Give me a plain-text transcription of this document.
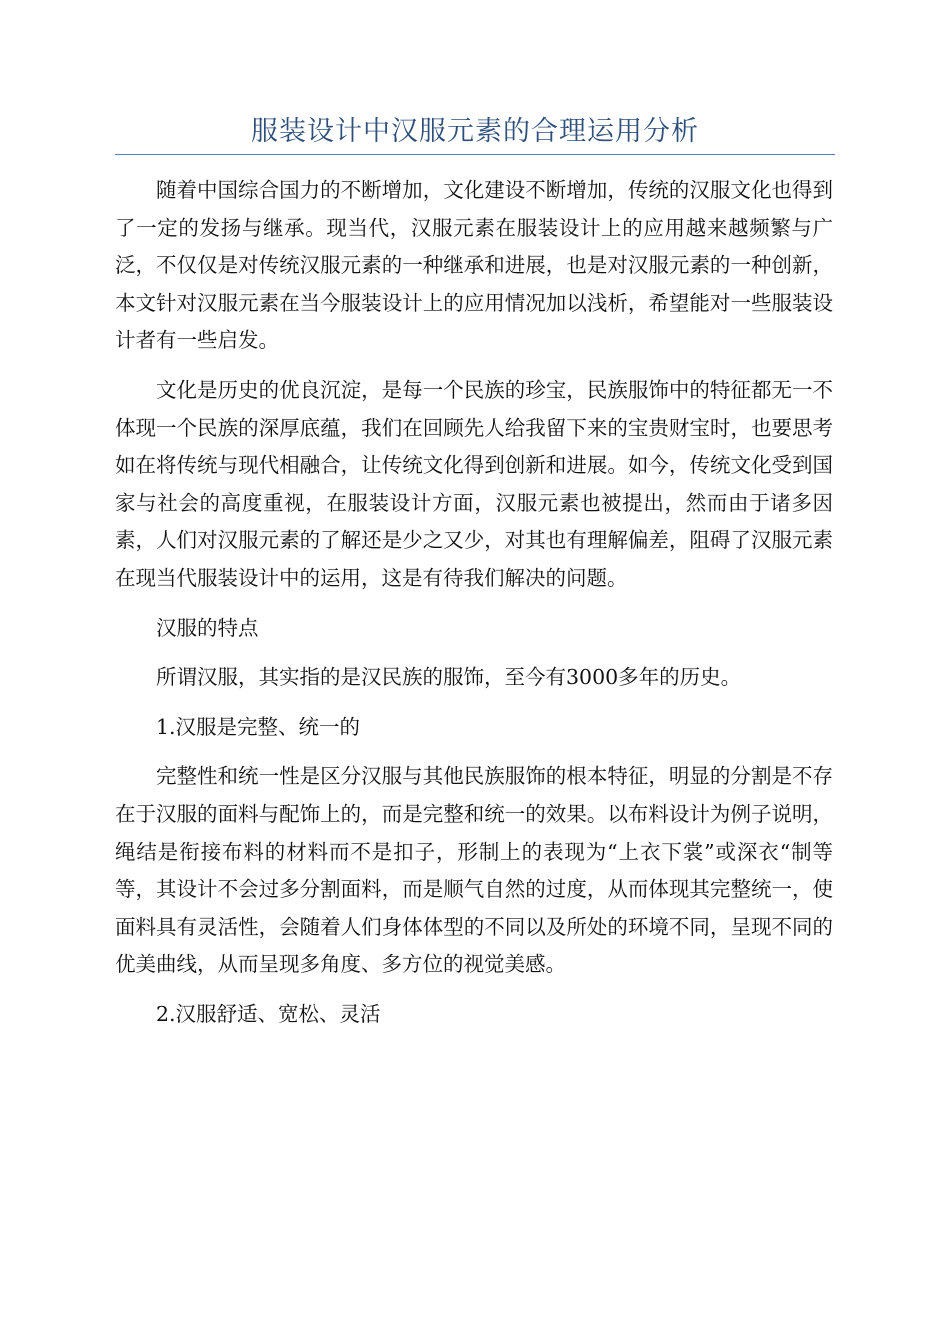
服装设计中汉服元素的合理运用分析

随着中国综合国力的不断增加，文化建设不断增加，传统的汉服文化也得到了一定的发扬与继承。现当代，汉服元素在服装设计上的应用越来越频繁与广泛，不仅仅是对传统汉服元素的一种继承和进展，也是对汉服元素的一种创新，本文针对汉服元素在当今服装设计上的应用情况加以浅析，希望能对一些服装设计者有一些启发。

文化是历史的优良沉淀，是每一个民族的珍宝，民族服饰中的特征都无一不体现一个民族的深厚底蕴，我们在回顾先人给我留下来的宝贵财宝时，也要思考如在将传统与现代相融合，让传统文化得到创新和进展。如今，传统文化受到国家与社会的高度重视，在服装设计方面，汉服元素也被提出，然而由于诸多因素，人们对汉服元素的了解还是少之又少，对其也有理解偏差，阻碍了汉服元素在现当代服装设计中的运用，这是有待我们解决的问题。

汉服的特点

所谓汉服，其实指的是汉民族的服饰，至今有3000多年的历史。

1.汉服是完整、统一的

完整性和统一性是区分汉服与其他民族服饰的根本特征，明显的分割是不存在于汉服的面料与配饰上的，而是完整和统一的效果。以布料设计为例子说明，绳结是衔接布料的材料而不是扣子，形制上的表现为“上衣下裳”或深衣“制等等，其设计不会过多分割面料，而是顺气自然的过度，从而体现其完整统一，使面料具有灵活性，会随着人们身体体型的不同以及所处的环境不同，呈现不同的优美曲线，从而呈现多角度、多方位的视觉美感。

2.汉服舒适、宽松、灵活
